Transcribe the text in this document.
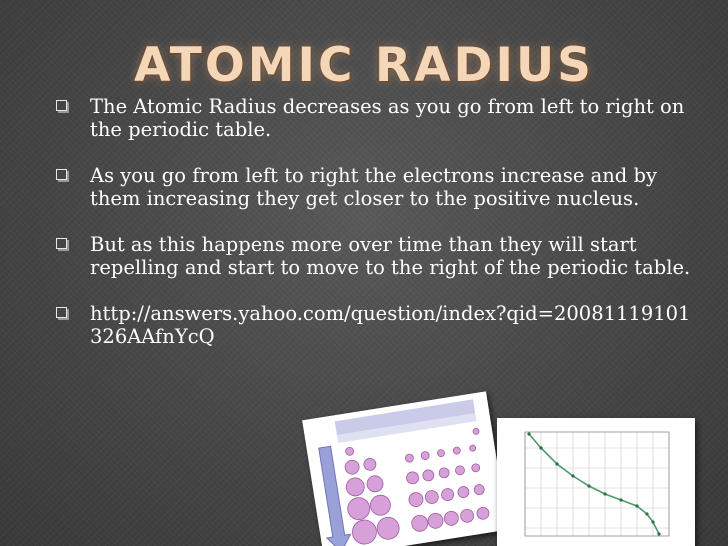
ATOMIC RADIUS
The Atomic Radius decreases as you go from left to right on the periodic table.
As you go from left to right the electrons increase and by them increasing they get closer to the positive nucleus.
But as this happens more over time than they will start repelling and start to move to the right of the periodic table.
http://answers.yahoo.com/question/index?qid=20081119101326AAfnYcQ
